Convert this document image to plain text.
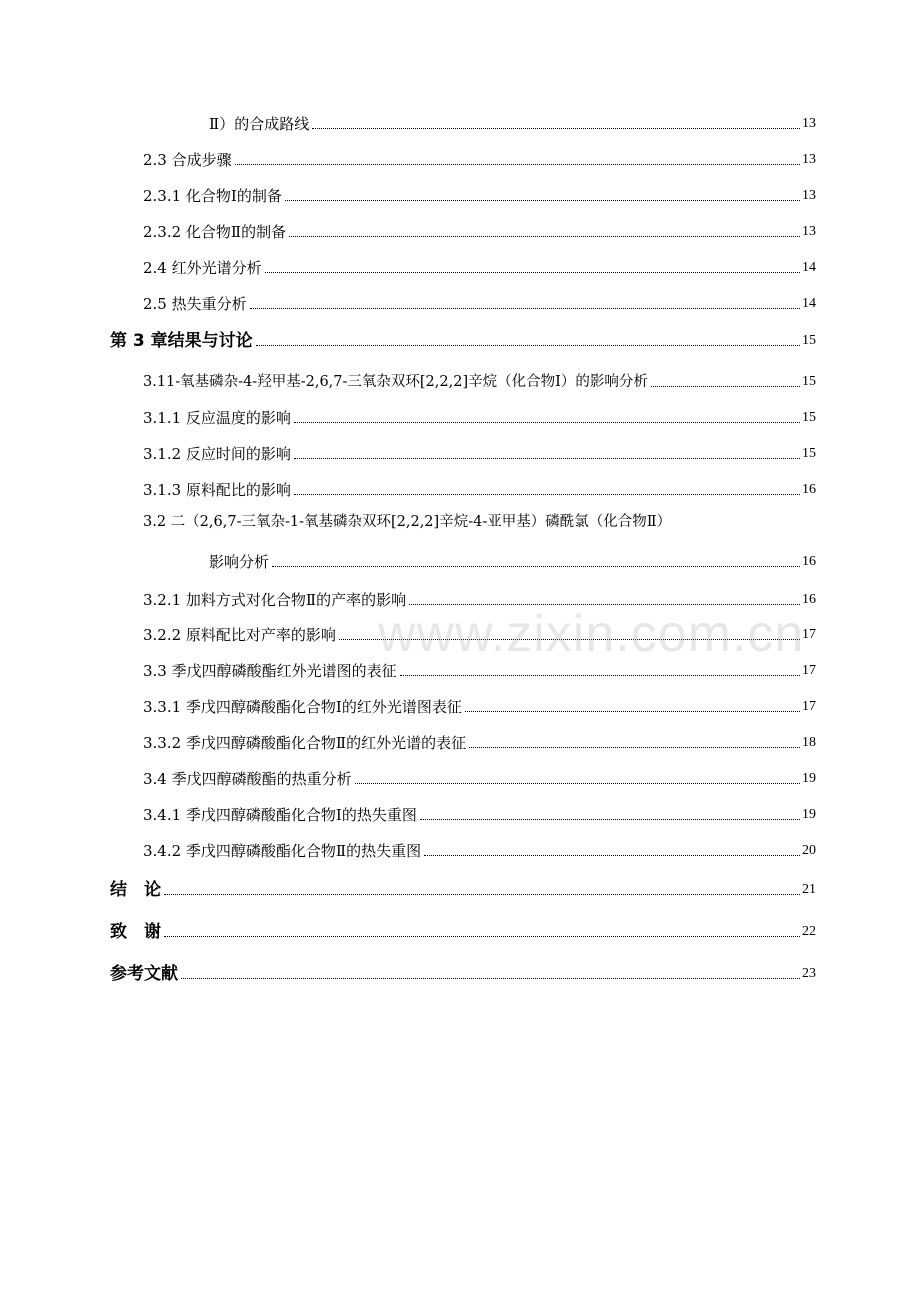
Ⅱ）的合成路线	13
2.3 合成步骤	13
2.3.1 化合物Ⅰ的制备	13
2.3.2 化合物Ⅱ的制备	13
2.4 红外光谱分析	14
2.5 热失重分析	14
第 3 章结果与讨论	15
3.11-氧基磷杂-4-羟甲基-2,6,7-三氧杂双环[2,2,2]辛烷（化合物Ⅰ）的影响分析	15
3.1.1 反应温度的影响	15
3.1.2 反应时间的影响	15
3.1.3 原料配比的影响	16
3.2 二（2,6,7-三氧杂-1-氧基磷杂双环[2,2,2]辛烷-4-亚甲基）磷酰氯（化合物Ⅱ）
影响分析	16
3.2.1 加料方式对化合物Ⅱ的产率的影响	16
3.2.2 原料配比对产率的影响	17
3.3 季戊四醇磷酸酯红外光谱图的表征	17
3.3.1 季戊四醇磷酸酯化合物Ⅰ的红外光谱图表征	17
3.3.2 季戊四醇磷酸酯化合物Ⅱ的红外光谱的表征	18
3.4 季戊四醇磷酸酯的热重分析	19
3.4.1 季戊四醇磷酸酯化合物Ⅰ的热失重图	19
3.4.2 季戊四醇磷酸酯化合物Ⅱ的热失重图	20
结　论	21
致　谢	22
参考文献	23
www.zixin.com.cn
